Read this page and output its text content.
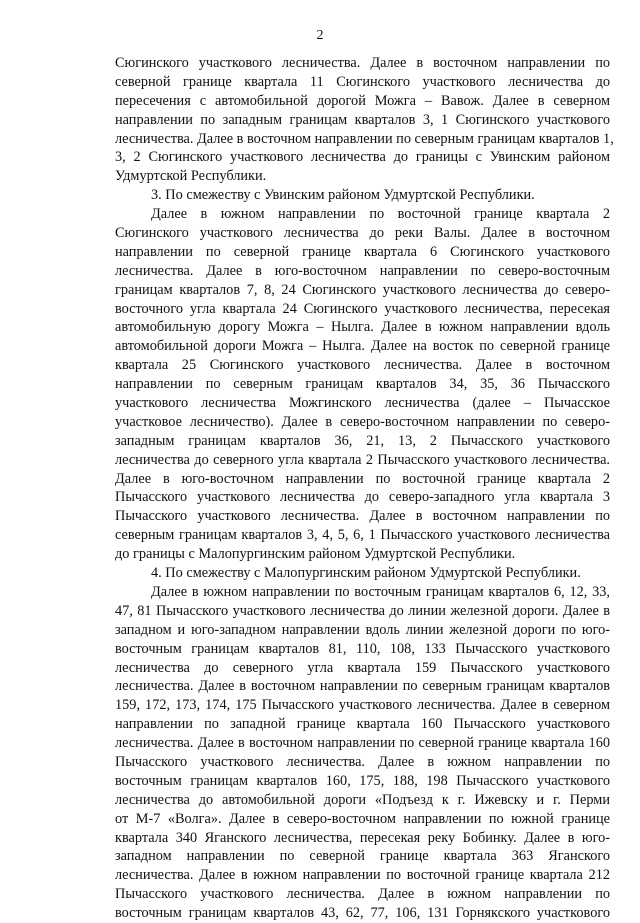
2
Сюгинского участкового лесничества. Далее в восточном направлении по
северной границе квартала 11 Сюгинского участкового лесничества до
пересечения с автомобильной дорогой Можга – Вавож. Далее в северном
направлении по западным границам кварталов 3, 1 Сюгинского участкового
лесничества. Далее в восточном направлении по северным границам кварталов 1,
3, 2 Сюгинского участкового лесничества до границы с Увинским районом
Удмуртской Республики.
3. По смежеству с Увинским районом Удмуртской Республики.
Далее в южном направлении по восточной границе квартала 2
Сюгинского участкового лесничества до реки Валы. Далее в восточном
направлении по северной границе квартала 6 Сюгинского участкового
лесничества. Далее в юго-восточном направлении по северо-восточным
границам кварталов 7, 8, 24 Сюгинского участкового лесничества до северо-
восточного угла квартала 24 Сюгинского участкового лесничества, пересекая
автомобильную дорогу Можга – Нылга. Далее в южном направлении вдоль
автомобильной дороги Можга – Нылга. Далее на восток по северной границе
квартала 25 Сюгинского участкового лесничества. Далее в восточном
направлении по северным границам кварталов 34, 35, 36 Пычасского
участкового лесничества Можгинского лесничества (далее – Пычасское
участковое лесничество). Далее в северо-восточном направлении по северо-
западным границам кварталов 36, 21, 13, 2 Пычасского участкового
лесничества до северного угла квартала 2 Пычасского участкового лесничества.
Далее в юго-восточном направлении по восточной границе квартала 2
Пычасского участкового лесничества до северо-западного угла квартала 3
Пычасского участкового лесничества. Далее в восточном направлении по
северным границам кварталов 3, 4, 5, 6, 1 Пычасского участкового лесничества
до границы с Малопургинским районом Удмуртской Республики.
4. По смежеству с Малопургинским районом Удмуртской Республики.
Далее в южном направлении по восточным границам кварталов 6, 12, 33,
47, 81 Пычасского участкового лесничества до линии железной дороги. Далее в
западном и юго-западном направлении вдоль линии железной дороги по юго-
восточным границам кварталов 81, 110, 108, 133 Пычасского участкового
лесничества до северного угла квартала 159 Пычасского участкового
лесничества. Далее в восточном направлении по северным границам кварталов
159, 172, 173, 174, 175 Пычасского участкового лесничества. Далее в северном
направлении по западной границе квартала 160 Пычасского участкового
лесничества. Далее в восточном направлении по северной границе квартала 160
Пычасского участкового лесничества. Далее в южном направлении по
восточным границам кварталов 160, 175, 188, 198 Пычасского участкового
лесничества до автомобильной дороги «Подъезд к г. Ижевску и г. Перми
от М-7 «Волга». Далее в северо-восточном направлении по южной границе
квартала 340 Яганского лесничества, пересекая реку Бобинку. Далее в юго-
западном направлении по северной границе квартала 363 Яганского
лесничества. Далее в южном направлении по восточной границе квартала 212
Пычасского участкового лесничества. Далее в южном направлении по
восточным границам кварталов 43, 62, 77, 106, 131 Горнякского участкового
